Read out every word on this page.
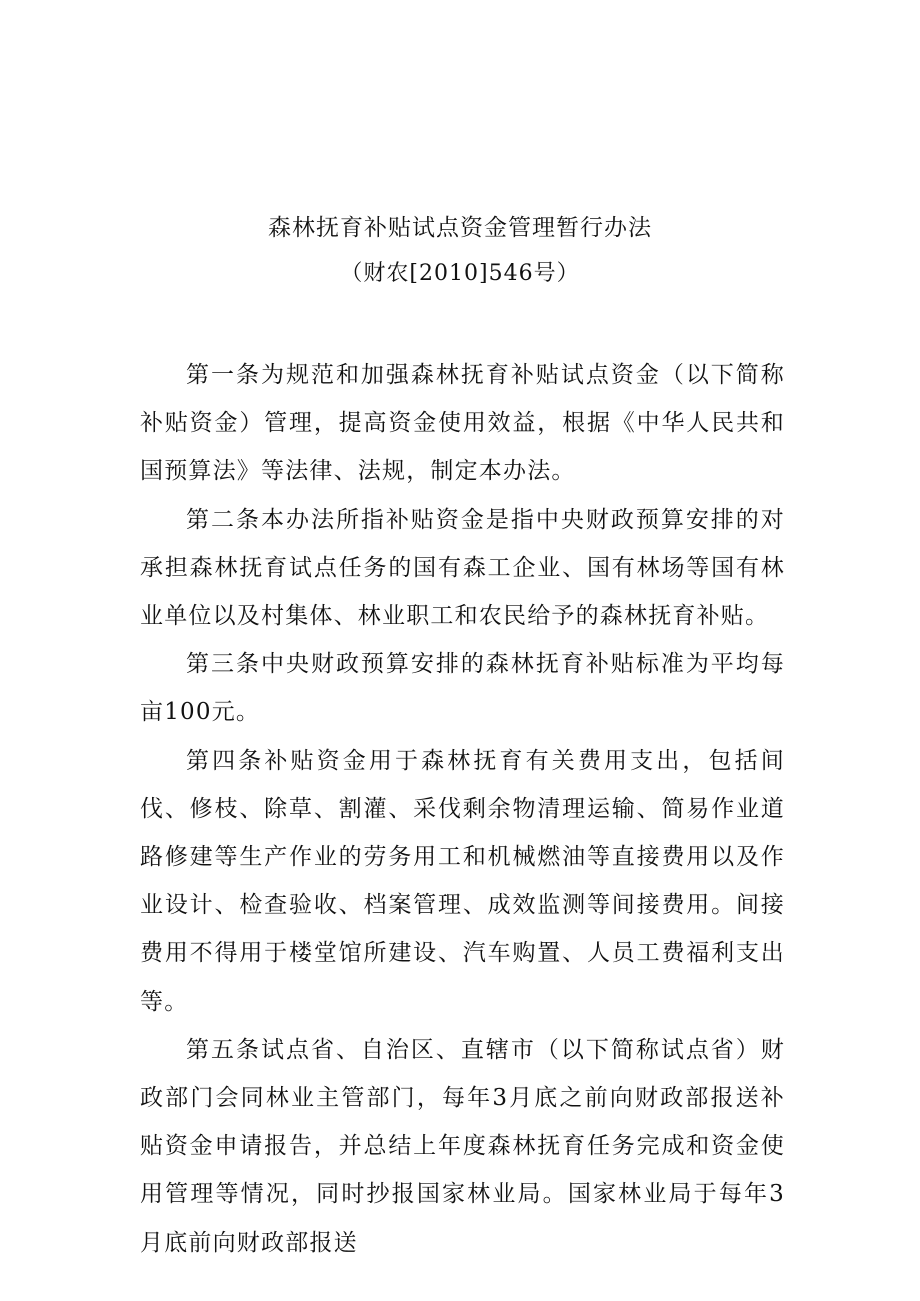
森林抚育补贴试点资金管理暂行办法
（财农[2010]546号）

第一条为规范和加强森林抚育补贴试点资金（以下简称补贴资金）管理，提高资金使用效益，根据《中华人民共和国预算法》等法律、法规，制定本办法。

第二条本办法所指补贴资金是指中央财政预算安排的对承担森林抚育试点任务的国有森工企业、国有林场等国有林业单位以及村集体、林业职工和农民给予的森林抚育补贴。

第三条中央财政预算安排的森林抚育补贴标准为平均每亩100元。

第四条补贴资金用于森林抚育有关费用支出，包括间伐、修枝、除草、割灌、采伐剩余物清理运输、简易作业道路修建等生产作业的劳务用工和机械燃油等直接费用以及作业设计、检查验收、档案管理、成效监测等间接费用。间接费用不得用于楼堂馆所建设、汽车购置、人员工费福利支出等。

第五条试点省、自治区、直辖市（以下简称试点省）财政部门会同林业主管部门，每年3月底之前向财政部报送补贴资金申请报告，并总结上年度森林抚育任务完成和资金使用管理等情况，同时抄报国家林业局。国家林业局于每年3月底前向财政部报送
